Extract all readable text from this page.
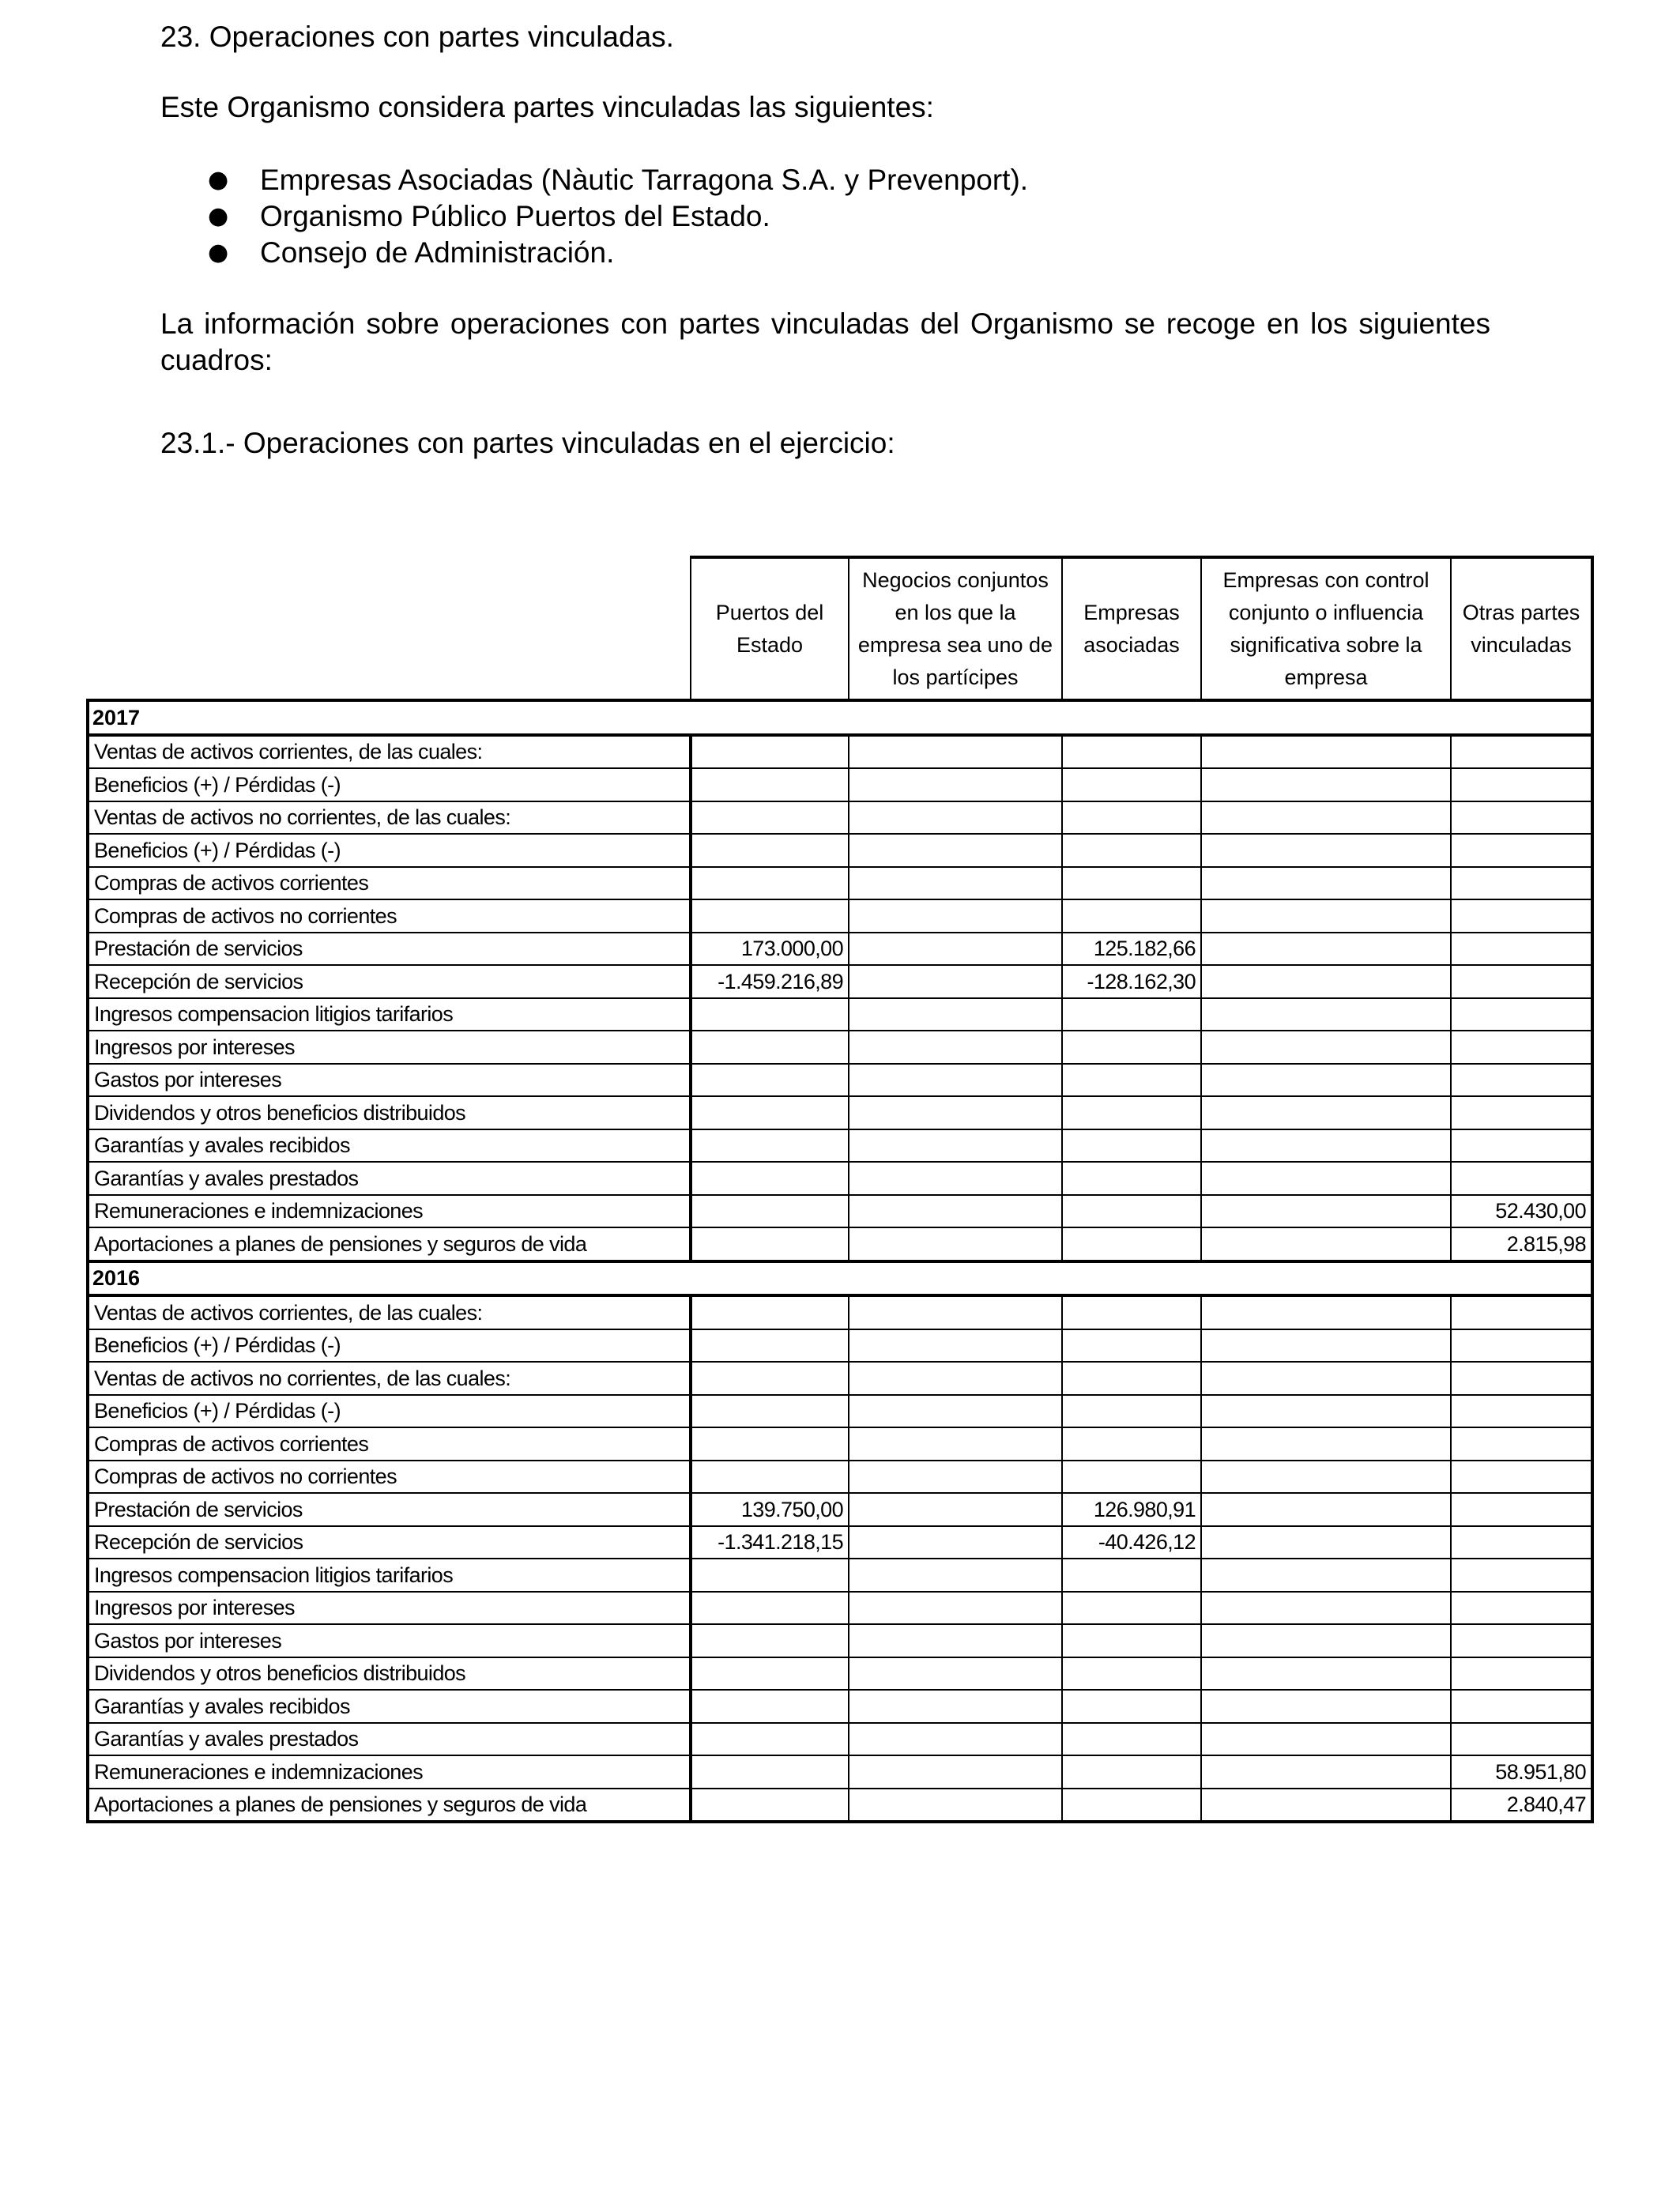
23. Operaciones con partes vinculadas.
Este Organismo considera partes vinculadas las siguientes:
● Empresas Asociadas (Nàutic Tarragona S.A. y Prevenport).
● Organismo Público Puertos del Estado.
● Consejo de Administración.
La información sobre operaciones con partes vinculadas del Organismo se recoge en los siguientes cuadros:
23.1.- Operaciones con partes vinculadas en el ejercicio:
	Puertos del Estado	Negocios conjuntos en los que la empresa sea uno de los partícipes	Empresas asociadas	Empresas con control conjunto o influencia significativa sobre la empresa	Otras partes vinculadas
2017					
Ventas de activos corrientes, de las cuales:					
Beneficios (+) / Pérdidas (-)					
Ventas de activos no corrientes, de las cuales:					
Beneficios (+) / Pérdidas (-)					
Compras de activos corrientes					
Compras de activos no corrientes					
Prestación de servicios	173.000,00		125.182,66		
Recepción de servicios	-1.459.216,89		-128.162,30		
Ingresos compensacion litigios tarifarios					
Ingresos por intereses					
Gastos por intereses					
Dividendos y otros beneficios distribuidos					
Garantías y avales recibidos					
Garantías y avales prestados					
Remuneraciones e indemnizaciones					52.430,00
Aportaciones a planes de pensiones y seguros de vida					2.815,98
2016					
Ventas de activos corrientes, de las cuales:					
Beneficios (+) / Pérdidas (-)					
Ventas de activos no corrientes, de las cuales:					
Beneficios (+) / Pérdidas (-)					
Compras de activos corrientes					
Compras de activos no corrientes					
Prestación de servicios	139.750,00		126.980,91		
Recepción de servicios	-1.341.218,15		-40.426,12		
Ingresos compensacion litigios tarifarios					
Ingresos por intereses					
Gastos por intereses					
Dividendos y otros beneficios distribuidos					
Garantías y avales recibidos					
Garantías y avales prestados					
Remuneraciones e indemnizaciones					58.951,80
Aportaciones a planes de pensiones y seguros de vida					2.840,47
